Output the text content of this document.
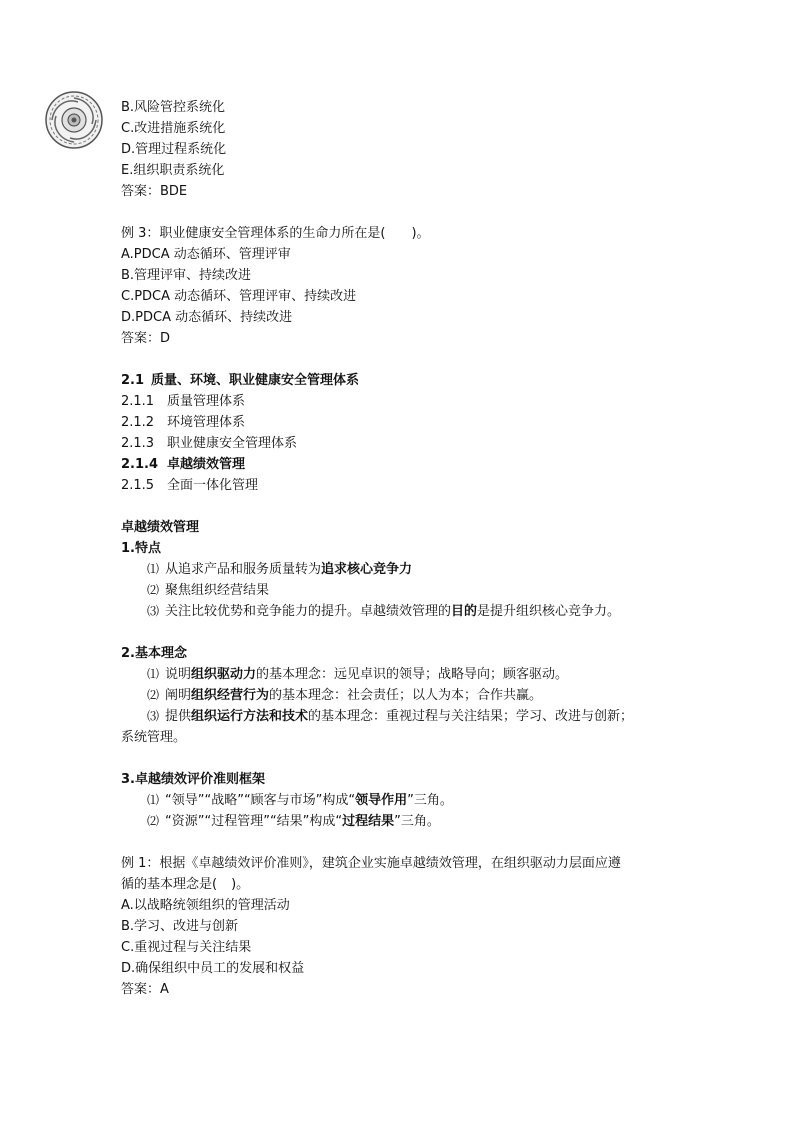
B.风险管控系统化
C.改进措施系统化
D.管理过程系统化
E.组织职责系统化
答案：BDE
例 3：职业健康安全管理体系的生命力所在是( )。
A.PDCA 动态循环、管理评审
B.管理评审、持续改进
C.PDCA 动态循环、管理评审、持续改进
D.PDCA 动态循环、持续改进
答案：D
2.1 质量、环境、职业健康安全管理体系
2.1.1 质量管理体系
2.1.2 环境管理体系
2.1.3 职业健康安全管理体系
2.1.4 卓越绩效管理
2.1.5 全面一体化管理
卓越绩效管理
1.特点
⑴ 从追求产品和服务质量转为追求核心竞争力
⑵ 聚焦组织经营结果
⑶ 关注比较优势和竞争能力的提升。卓越绩效管理的目的是提升组织核心竞争力。
2.基本理念
⑴ 说明组织驱动力的基本理念：远见卓识的领导；战略导向；顾客驱动。
⑵ 阐明组织经营行为的基本理念：社会责任；以人为本；合作共赢。
⑶ 提供组织运行方法和技术的基本理念：重视过程与关注结果；学习、改进与创新；
系统管理。
3.卓越绩效评价准则框架
⑴ “领导”“战略”“顾客与市场”构成“领导作用”三角。
⑵ “资源”“过程管理”“结果”构成“过程结果”三角。
例 1：根据《卓越绩效评价准则》，建筑企业实施卓越绩效管理，在组织驱动力层面应遵
循的基本理念是( )。
A.以战略统领组织的管理活动
B.学习、改进与创新
C.重视过程与关注结果
D.确保组织中员工的发展和权益
答案：A
